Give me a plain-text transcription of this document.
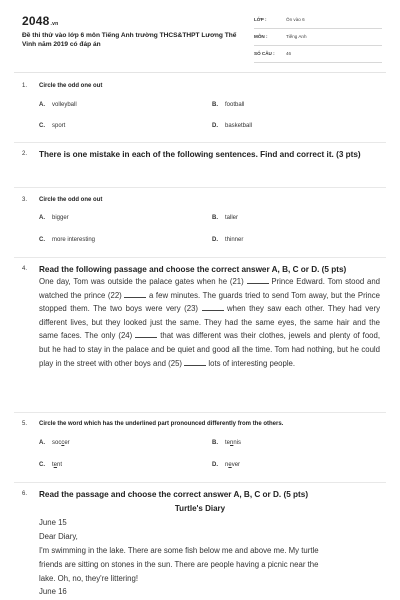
2048.vn
Đề thi thử vào lớp 6 môn Tiếng Anh trường THCS&THPT Lương Thế Vinh năm 2019 có đáp án
LỚP :	Ôn vào 6
MÔN :	Tiếng Anh
SỐ CÂU : 46
1. Circle the odd one out
A. volleyball	B. football
C. sport	D. basketball
2. There is one mistake in each of the following sentences. Find and correct it. (3 pts)
3. Circle the odd one out
A. bigger	B. taller
C. more interesting	D. thinner
4. Read the following passage and choose the correct answer A, B, C or D. (5 pts)
One day, Tom was outside the palace gates when he (21)	Prince Edward. Tom stood and watched the prince (22)	a few minutes. The guards tried to send Tom away, but the Prince stopped them. The two boys were very (23)	when they saw each other. They had very different lives, but they looked just the same. They had the same eyes, the same hair and the same faces. The only (24)	that was different was their clothes, jewels and plenty of food, but he had to stay in the palace and be quiet and good all the time. Tom had nothing, but he could play in the street with other boys and (25)	lots of interesting people.
5. Circle the word which has the underlined part pronounced differently from the others.
A. soccer	B. tennis
C. tent	D. never
6. Read the passage and choose the correct answer A, B, C or D. (5 pts)
Turtle's Diary
June 15
Dear Diary,
I'm swimming in the lake. There are some fish below me and above me. My turtle
friends are sitting on stones in the sun. There are people having a picnic near the
lake. Oh, no, they're littering!
June 16
